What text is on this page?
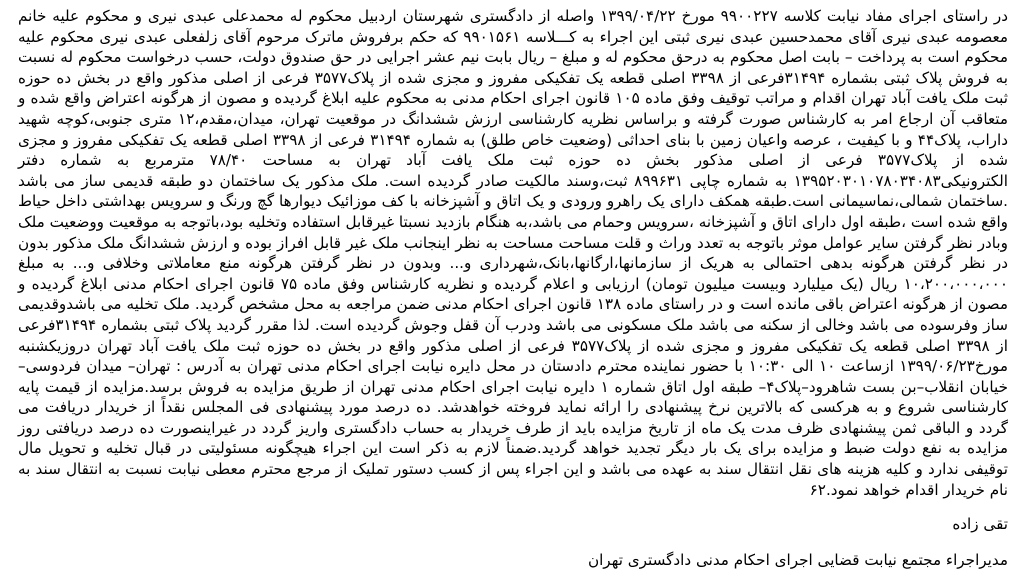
در راستای اجرای مفاد نیابت کلاسه ۹۹۰۰۲۲۷ مورخ ۱۳۹۹/۰۴/۲۲ واصله از دادگستری شهرستان اردبیل محکوم له محمدعلی عبدی نیری و محکوم علیه خانم معصومه عبدی نیری آقای محمدحسین عبدی نیری ثبتی این اجراء به کـــلاسه ۹۹۰۱۵۶۱ که حکم برفروش ماترک مرحوم آقای زلفعلی عبدی نیری محکوم علیه محکوم است به پرداخت – بابت اصل محکوم به درحق محکوم له و مبلغ – ریال بابت نیم عشر اجرایی در حق صندوق دولت، حسب درخواست محکوم له نسبت به فروش پلاک ثبتی بشماره ۳۱۴۹۴فرعی از ۳۳۹۸ اصلی قطعه یک تفکیکی مفروز و مجزی شده از پلاک۳۵۷۷ فرعی از اصلی مذکور واقع در بخش ده حوزه ثبت ملک یافت آباد تهران اقدام و مراتب توقیف وفق ماده ۱۰۵ قانون اجرای احکام مدنی به محکوم علیه ابلاغ گردیده و مصون از هرگونه اعتراض واقع شده و متعاقب آن ارجاع امر به کارشناس صورت گرفته و براساس نظریه کارشناسی ارزش ششدانگ در موقعیت تهران، میدان،مقدم،۱۲ متری جنوبی،کوچه شهید داراب، پلاک۴۴ و با کیفیت ، عرصه واعیان زمین با بنای احداثی (وضعیت خاص طلق) به شماره ۳۱۴۹۴ فرعی از ۳۳۹۸ اصلی قطعه یک تفکیکی مفروز و مجزی شده از پلاک۳۵۷۷ فرعی از اصلی مذکور بخش ده حوزه ثبت ملک یافت آباد تهران به مساحت ۷۸/۴۰ مترمربع به شماره دفتر الکترونیکی۱۳۹۵۲۰۳۰۱۰۷۸۰۳۴۰۸۳ به شماره چاپی ۸۹۹۶۳۱ ثبت،وسند مالکیت صادر گردیده است. ملک مذکور یک ساختمان دو طبقه قدیمی ساز می باشد .ساختمان شمالی،نماسیمانی است.طبقه همکف دارای یک راهرو ورودی و یک اتاق و آشپزخانه با کف موزائیک دیوارها گچ ورنگ و سرویس بهداشتی داخل حیاط واقع شده است ،طبقه اول دارای اتاق و آشپزخانه ،سرویس وحمام می باشد،به هنگام بازدید نسبتا غیرقابل استفاده وتخلیه بود،باتوجه به موقعیت ووضعیت ملک وبادر نظر گرفتن سایر عوامل موثر باتوجه به تعدد وراث و قلت مساحت مساحت به نظر اینجانب ملک غیر قابل افراز بوده و ارزش ششدانگ ملک مذکور بدون در نظر گرفتن هرگونه بدهی احتمالی به هریک از سازمانها،ارگانها،بانک،شهرداری و... وبدون در نظر گرفتن هرگونه منع معاملاتی وخلافی و... به مبلغ ۱۰،۲۰۰،۰۰۰،۰۰۰ ریال (یک میلیارد وبیست میلیون تومان) ارزیابی و اعلام گردیده و نظریه کارشناس وفق ماده ۷۵ قانون اجرای احکام مدنی ابلاغ گردیده و مصون از هرگونه اعتراض باقی مانده است و در راستای ماده ۱۳۸ قانون اجرای احکام مدنی ضمن مراجعه به محل مشخص گردید. ملک تخلیه می باشدوقدیمی ساز وفرسوده می باشد وخالی از سکنه می باشد ملک مسکونی می باشد ودرب آن قفل وجوش گردیده است. لذا مقرر گردید پلاک ثبتی بشماره ۳۱۴۹۴فرعی از ۳۳۹۸ اصلی قطعه یک تفکیکی مفروز و مجزی شده از پلاک۳۵۷۷ فرعی از اصلی مذکور واقع در بخش ده حوزه ثبت ملک یافت آباد تهران دروزیکشنبه مورخ۱۳۹۹/۰۶/۲۳ ازساعت ۱۰ الی ۱۰:۳۰ با حضور نماینده محترم دادستان در محل دایره نیابت اجرای احکام مدنی تهران به آدرس : تهران– میدان فردوسی– خیابان انقلاب–بن بست شاهرود–پلاک۴– طبقه اول اتاق شماره ۱ دایره نیابت اجرای احکام مدنی تهران از طریق مزایده به فروش برسد.مزایده از قیمت پایه کارشناسی شروع و به هرکسی که بالاترین نرخ پیشنهادی را ارائه نماید فروخته خواهدشد. ده درصد مورد پیشنهادی فی المجلس نقداً از خریدار دریافت می گردد و الباقی ثمن پیشنهادی ظرف مدت یک ماه از تاریخ مزایده باید از طرف خریدار به حساب دادگستری واریز گردد در غیراینصورت ده درصد دریافتی روز مزایده به نفع دولت ضبط و مزایده برای یک بار دیگر تجدید خواهد گردید.ضمناً لازم به ذکر است این اجراء هیچگونه مسئولیتی در قبال تخلیه و تحویل مال توقیفی ندارد و کلیه هزینه های نقل انتقال سند به عهده می باشد و این اجراء پس از کسب دستور تملیک از مرجع محترم معطی نیابت نسبت به انتقال سند به نام خریدار اقدام خواهد نمود.۶۲

تقی زاده
مدیراجراء مجتمع نیابت قضایی اجرای احکام مدنی دادگستری تهران
